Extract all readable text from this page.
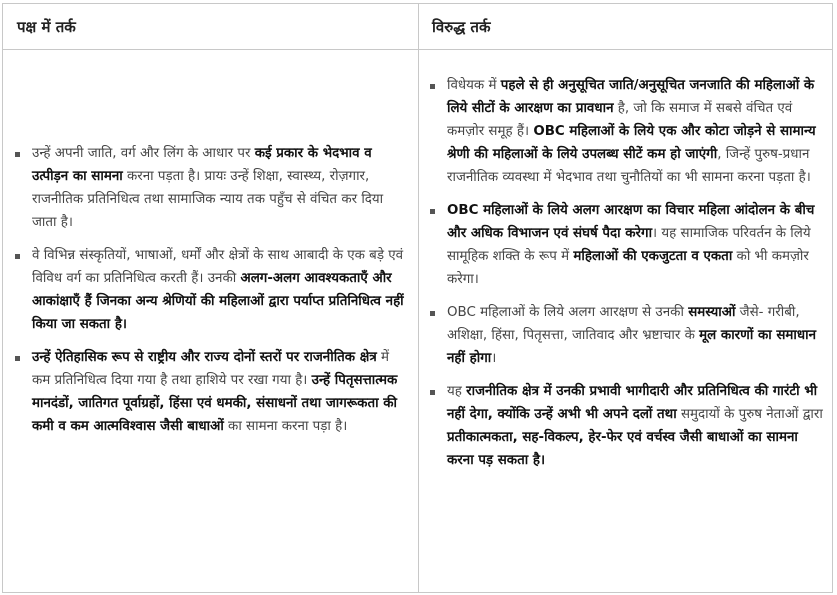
पक्ष में तर्क	विरुद्ध तर्क
उन्हें अपनी जाति, वर्ग और लिंग के आधार पर कई प्रकार के भेदभाव व उत्पीड़न का सामना करना पड़ता है। प्रायः उन्हें शिक्षा, स्वास्थ्य, रोज़गार, राजनीतिक प्रतिनिधित्व तथा सामाजिक न्याय तक पहुँच से वंचित कर दिया जाता है।
वे विभिन्न संस्कृतियों, भाषाओं, धर्मों और क्षेत्रों के साथ आबादी के एक बड़े एवं विविध वर्ग का प्रतिनिधित्व करती हैं। उनकी अलग-अलग आवश्यकताएँ और आकांक्षाएँ हैं जिनका अन्य श्रेणियों की महिलाओं द्वारा पर्याप्त प्रतिनिधित्व नहीं किया जा सकता है।
उन्हें ऐतिहासिक रूप से राष्ट्रीय और राज्य दोनों स्तरों पर राजनीतिक क्षेत्र में कम प्रतिनिधित्व दिया गया है तथा हाशिये पर रखा गया है। उन्हें पितृसत्तात्मक मानदंडों, जातिगत पूर्वाग्रहों, हिंसा एवं धमकी, संसाधनों तथा जागरूकता की कमी व कम आत्मविश्वास जैसी बाधाओं का सामना करना पड़ा है।
विधेयक में पहले से ही अनुसूचित जाति/अनुसूचित जनजाति की महिलाओं के लिये सीटों के आरक्षण का प्रावधान है, जो कि समाज में सबसे वंचित एवं कमज़ोर समूह हैं। OBC महिलाओं के लिये एक और कोटा जोड़ने से सामान्य श्रेणी की महिलाओं के लिये उपलब्ध सीटें कम हो जाएंगी, जिन्हें पुरुष-प्रधान राजनीतिक व्यवस्था में भेदभाव तथा चुनौतियों का भी सामना करना पड़ता है।
OBC महिलाओं के लिये अलग आरक्षण का विचार महिला आंदोलन के बीच और अधिक विभाजन एवं संघर्ष पैदा करेगा। यह सामाजिक परिवर्तन के लिये सामूहिक शक्ति के रूप में महिलाओं की एकजुटता व एकता को भी कमज़ोर करेगा।
OBC महिलाओं के लिये अलग आरक्षण से उनकी समस्याओं जैसे- गरीबी, अशिक्षा, हिंसा, पितृसत्ता, जातिवाद और भ्रष्टाचार के मूल कारणों का समाधान नहीं होगा।
यह राजनीतिक क्षेत्र में उनकी प्रभावी भागीदारी और प्रतिनिधित्व की गारंटी भी नहीं देगा, क्योंकि उन्हें अभी भी अपने दलों तथा समुदायों के पुरुष नेताओं द्वारा प्रतीकात्मकता, सह-विकल्प, हेर-फेर एवं वर्चस्व जैसी बाधाओं का सामना करना पड़ सकता है।
